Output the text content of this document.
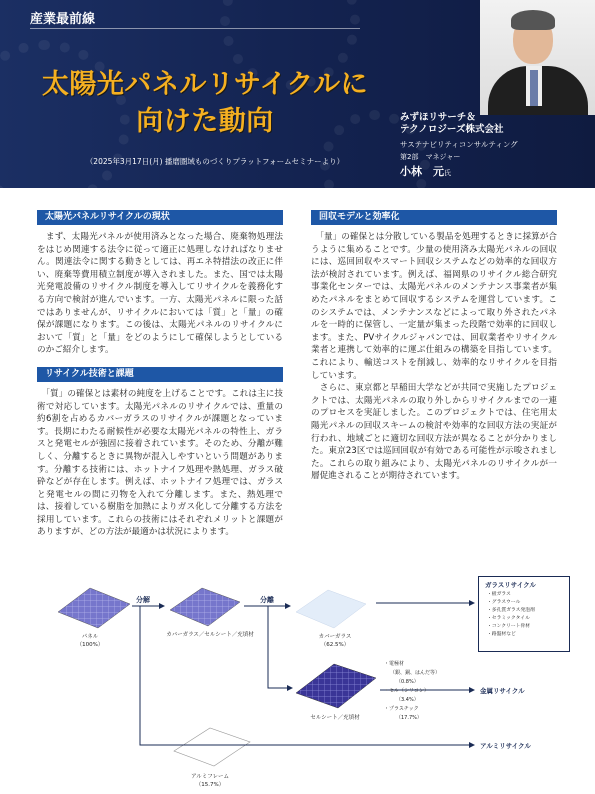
産業最前線
太陽光パネルリサイクルに
向けた動向
（2025年3月17日(月) 播磨圏域ものづくりプラットフォームセミナーより）
みずほリサーチ＆
テクノロジーズ株式会社
サステナビリティコンサルティング
第2部　マネジャー
小林　元氏
太陽光パネルリサイクルの現状

　まず、太陽光パネルが使用済みとなった場合、廃棄物処理法をはじめ関連する法令に従って適正に処理しなければなりません。関連法令に関する動きとしては、再エネ特措法の改正に伴い、廃棄等費用積立制度が導入されました。また、国では太陽光発電設備のリサイクル制度を導入してリサイクルを義務化する方向で検討が進んでいます。一方、太陽光パネルに限った話ではありませんが、リサイクルにおいては「質」と「量」の確保が課題になります。この後は、太陽光パネルのリサイクルにおいて「質」と「量」をどのようにして確保しようとしているのかご紹介します。

リサイクル技術と課題

　「質」の確保とは素材の純度を上げることです。これは主に技術で対応しています。太陽光パネルのリサイクルでは、重量の約6割を占めるカバーガラスのリサイクルが課題となっています。長期にわたる耐候性が必要な太陽光パネルの特性上、ガラスと発電セルが強固に接着されています。そのため、分離が難しく、分離するときに異物が混入しやすいという問題があります。分離する技術には、ホットナイフ処理や熱処理、ガラス破砕などが存在します。例えば、ホットナイフ処理では、ガラスと発電セルの間に刃物を入れて分離します。また、熱処理では、接着している樹脂を加熱によりガス化して分離する方法を採用しています。これらの技術にはそれぞれメリットと課題がありますが、どの方法が最適かは状況によります。

回収モデルと効率化

　「量」の確保とは分散している製品を処理するときに採算が合うように集めることです。少量の使用済み太陽光パネルの回収には、巡回回収やスマート回収システムなどの効率的な回収方法が検討されています。例えば、福岡県のリサイクル総合研究事業化センターでは、太陽光パネルのメンテナンス事業者が集めたパネルをまとめて回収するシステムを運営しています。このシステムでは、メンテナンスなどによって取り外されたパネルを一時的に保管し、一定量が集まった段階で効率的に回収します。また、PVサイクルジャパンでは、回収業者やリサイクル業者と連携して効率的に運ぶ仕組みの構築を目指しています。これにより、輸送コストを削減し、効率的なリサイクルを目指しています。

　さらに、東京都と早稲田大学などが共同で実施したプロジェクトでは、太陽光パネルの取り外しからリサイクルまでの一連のプロセスを実証しました。このプロジェクトでは、住宅用太陽光パネルの回収スキームの検討や効率的な回収方法の実証が行われ、地域ごとに適切な回収方法が異なることが分かりました。東京23区では巡回回収が有効である可能性が示唆されました。これらの取り組みにより、太陽光パネルのリサイクルが一層促進されることが期待されています。

分解	分離
パネル
（100%）
カバーガラス／セルシート／充填材	カバーガラス
（62.5%）
セルシート／充填材
アルミフレーム
（15.7%）
・電極材
（銀、銅、はんだ等）
（0.8%）
・セル（シリコン）
（3.4%）
・プラスチック
（17.7%）
ガラスリサイクル
・板ガラス
・グラスウール
・多孔質ガラス発泡剤
・セラミックタイル
・コンクリート骨材
・路盤材など
金属リサイクル
アルミリサイクル
